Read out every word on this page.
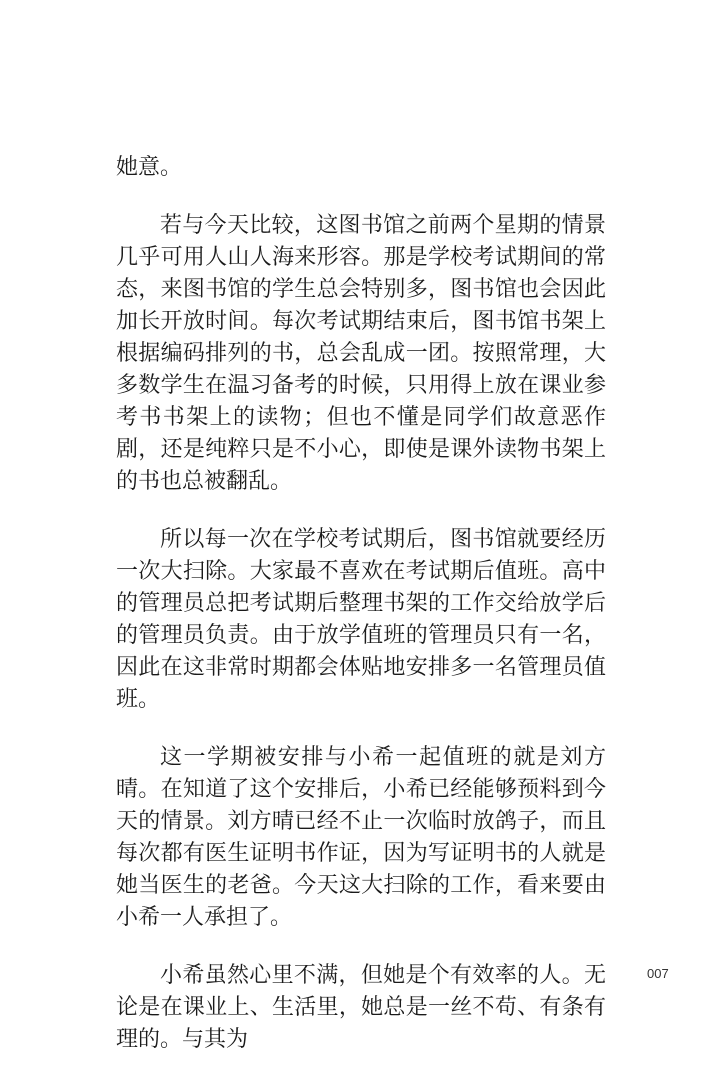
她意。

若与今天比较，这图书馆之前两个星期的情景几乎可用人山人海来形容。那是学校考试期间的常态，来图书馆的学生总会特别多，图书馆也会因此加长开放时间。每次考试期结束后，图书馆书架上根据编码排列的书，总会乱成一团。按照常理，大多数学生在温习备考的时候，只用得上放在课业参考书书架上的读物；但也不懂是同学们故意恶作剧，还是纯粹只是不小心，即使是课外读物书架上的书也总被翻乱。

所以每一次在学校考试期后，图书馆就要经历一次大扫除。大家最不喜欢在考试期后值班。高中的管理员总把考试期后整理书架的工作交给放学后的管理员负责。由于放学值班的管理员只有一名，因此在这非常时期都会体贴地安排多一名管理员值班。

这一学期被安排与小希一起值班的就是刘方晴。在知道了这个安排后，小希已经能够预料到今天的情景。刘方晴已经不止一次临时放鸽子，而且每次都有医生证明书作证，因为写证明书的人就是她当医生的老爸。今天这大扫除的工作，看来要由小希一人承担了。

小希虽然心里不满，但她是个有效率的人。无论是在课业上、生活里，她总是一丝不苟、有条有理的。与其为

007
